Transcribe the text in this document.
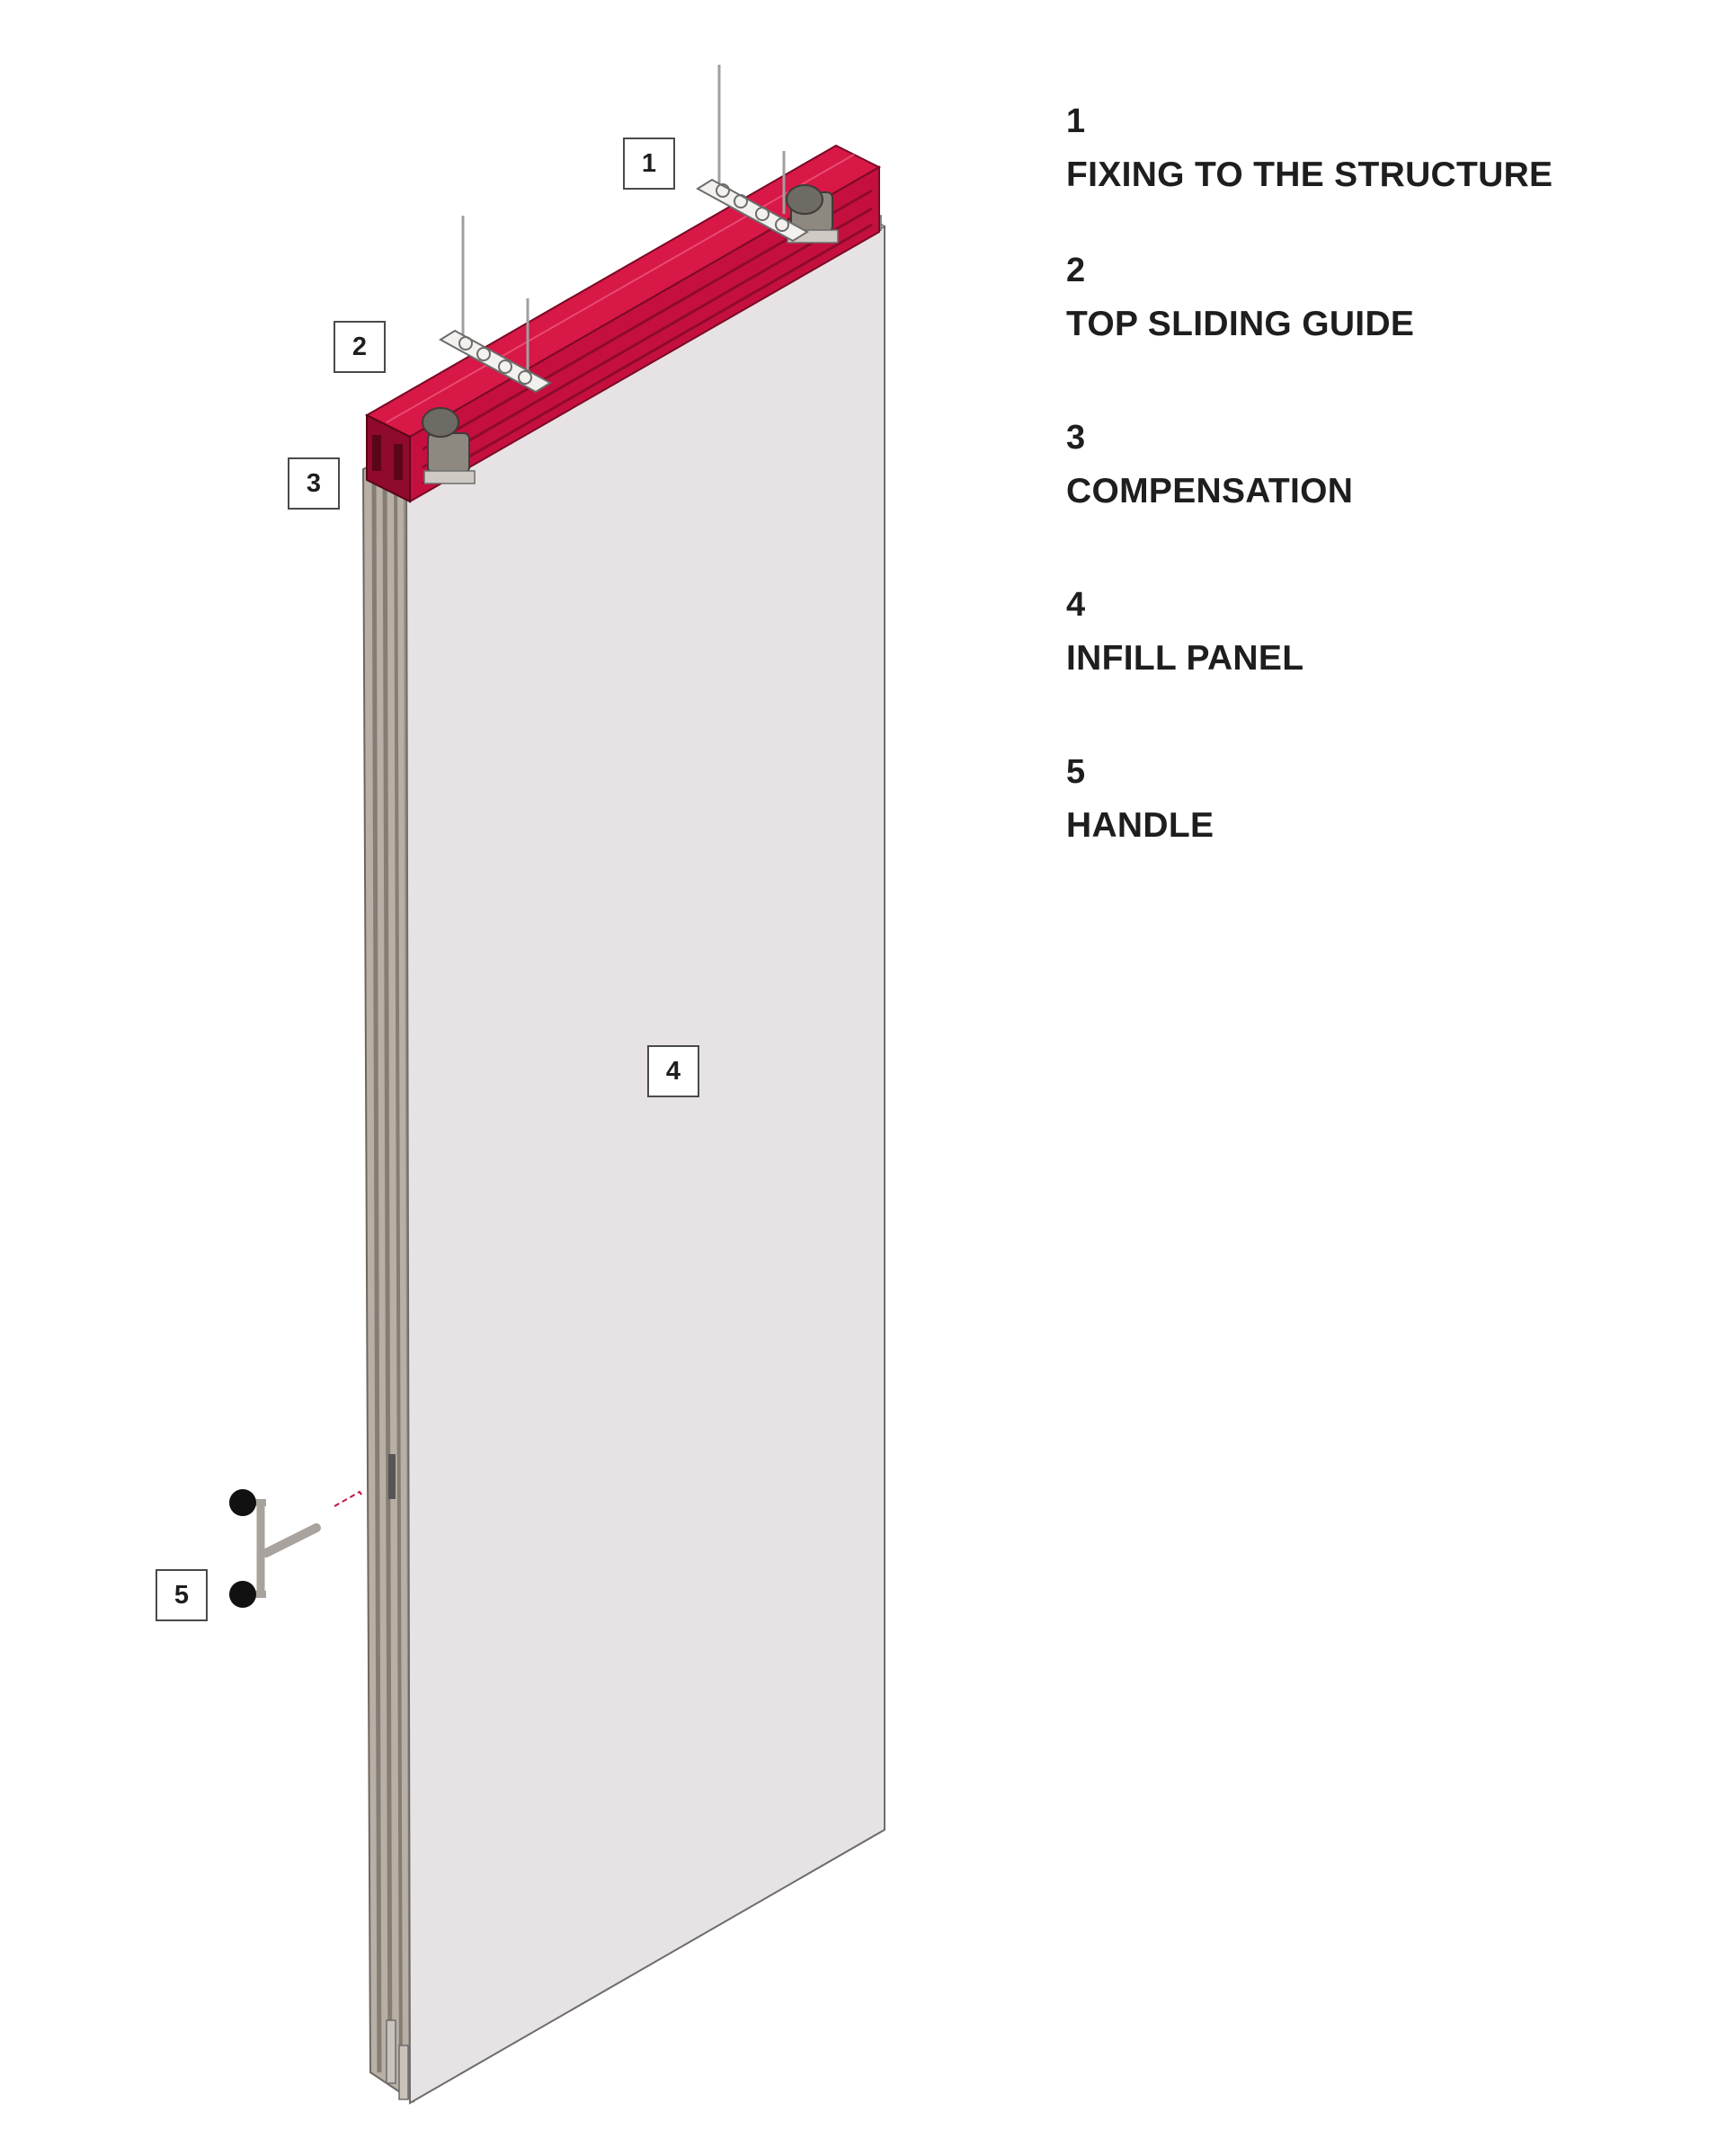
1
2
3
4
5
1
FIXING TO THE STRUCTURE
2
TOP SLIDING GUIDE
3
COMPENSATION
4
INFILL PANEL
5
HANDLE
